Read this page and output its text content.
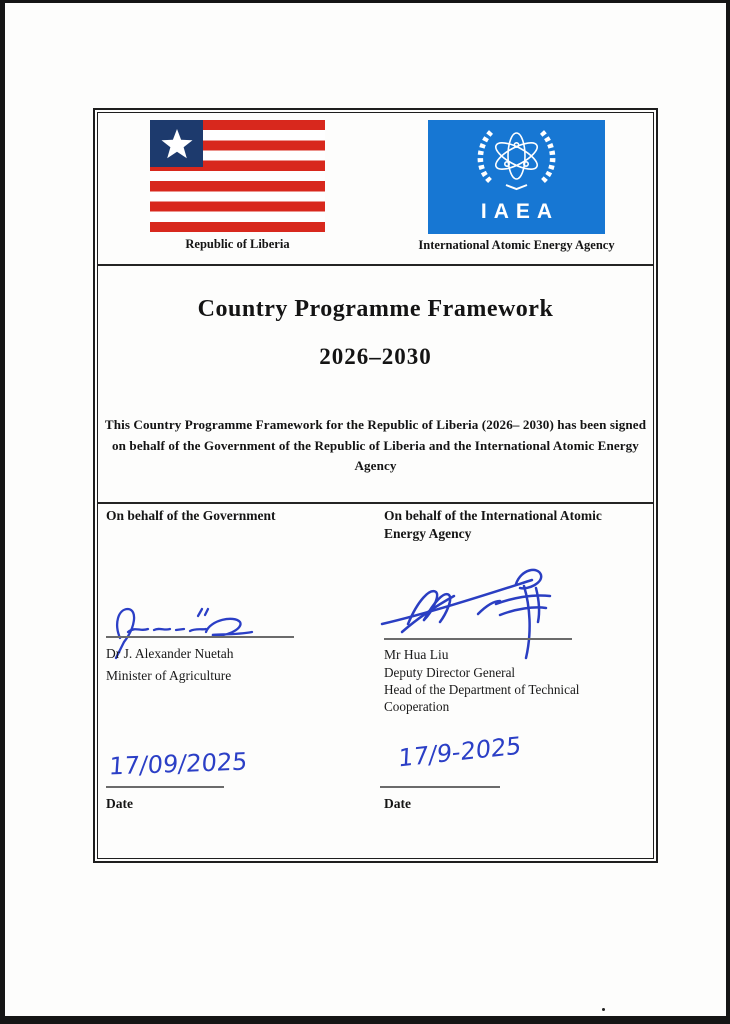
Republic of Liberia
IAEA
International Atomic Energy Agency
Country Programme Framework
2026–2030
This Country Programme Framework for the Republic of Liberia (2026– 2030) has been signed on behalf of the Government of the Republic of Liberia and the International Atomic Energy Agency
On behalf of the Government
Dr J. Alexander Nuetah
Minister of Agriculture
17/09/2025
Date
On behalf of the International Atomic Energy Agency
Mr Hua Liu
Deputy Director General
Head of the Department of Technical Cooperation
17/9-2025
Date
